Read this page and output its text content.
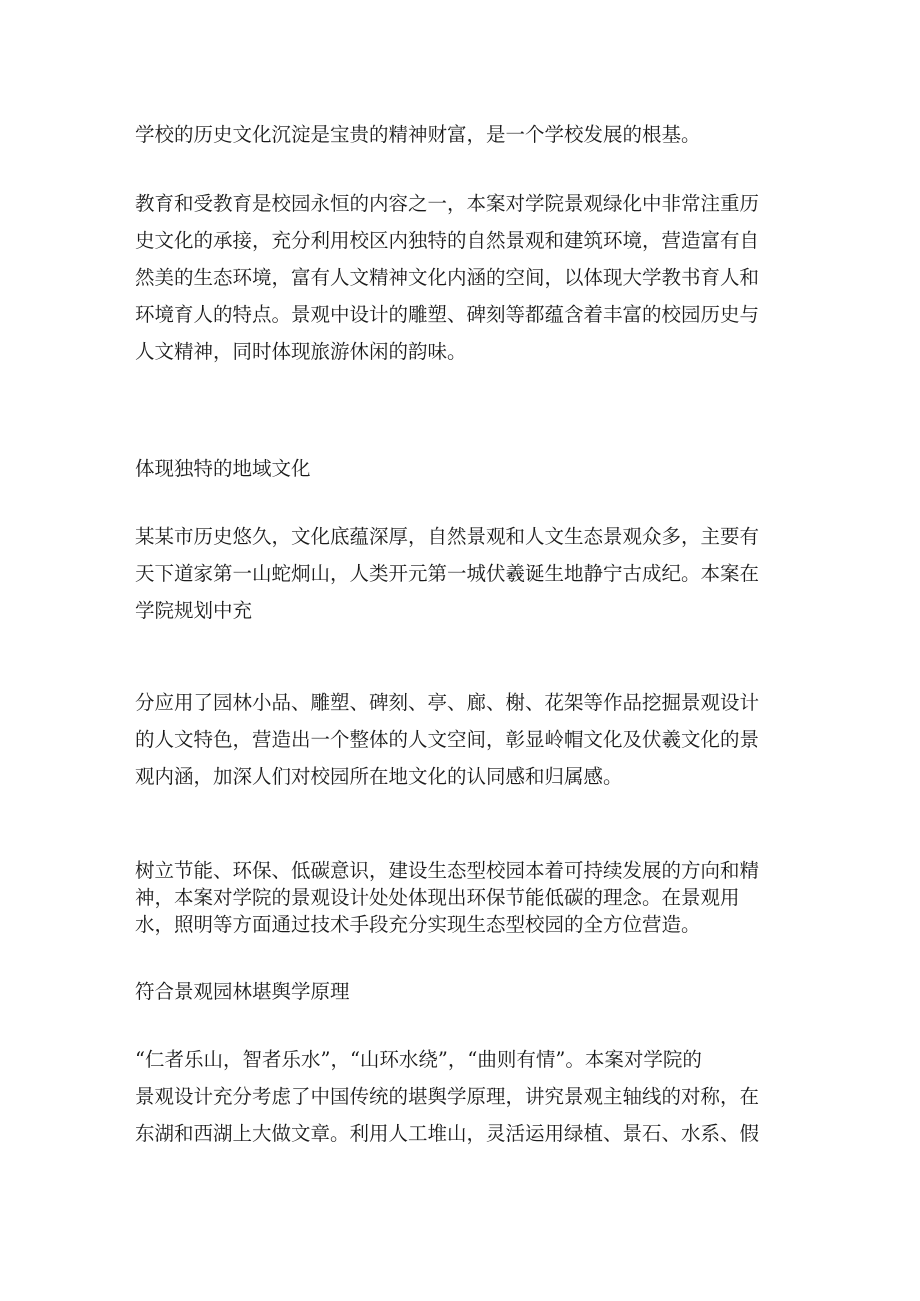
学校的历史文化沉淀是宝贵的精神财富，是一个学校发展的根基。

教育和受教育是校园永恒的内容之一，本案对学院景观绿化中非常注重历
史文化的承接，充分利用校区内独特的自然景观和建筑环境，营造富有自
然美的生态环境，富有人文精神文化内涵的空间，以体现大学教书育人和
环境育人的特点。景观中设计的雕塑、碑刻等都蕴含着丰富的校园历史与
人文精神，同时体现旅游休闲的韵味。

体现独特的地域文化

某某市历史悠久，文化底蕴深厚，自然景观和人文生态景观众多，主要有
天下道家第一山蛇炯山，人类开元第一城伏羲诞生地静宁古成纪。本案在
学院规划中充

分应用了园林小品、雕塑、碑刻、亭、廊、榭、花架等作品挖掘景观设计
的人文特色，营造出一个整体的人文空间，彰显岭帽文化及伏羲文化的景
观内涵，加深人们对校园所在地文化的认同感和归属感。

树立节能、环保、低碳意识，建设生态型校园本着可持续发展的方向和精
神，本案对学院的景观设计处处体现出环保节能低碳的理念。在景观用
水，照明等方面通过技术手段充分实现生态型校园的全方位营造。

符合景观园林堪舆学原理

“仁者乐山，智者乐水”，“山环水绕”，“曲则有情”。本案对学院的
景观设计充分考虑了中国传统的堪舆学原理，讲究景观主轴线的对称，在
东湖和西湖上大做文章。利用人工堆山，灵活运用绿植、景石、水系、假
